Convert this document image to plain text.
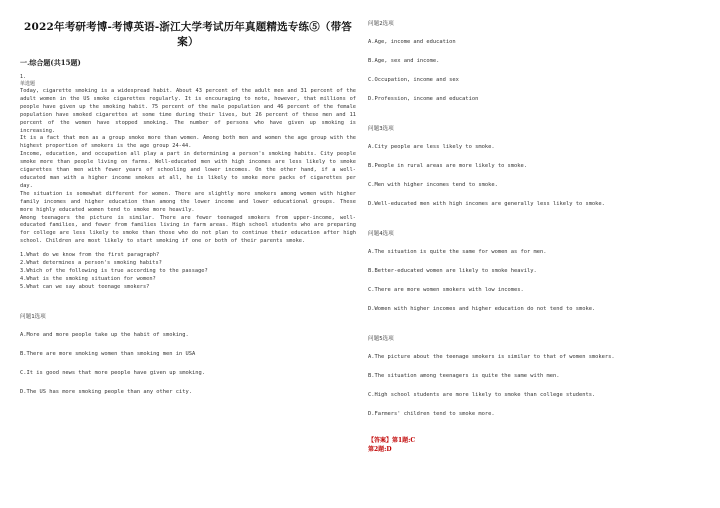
2022年考研考博-考博英语-浙江大学考试历年真题精选专练⑤（带答案）
一.综合题(共15题)

1.

单选题

Today, cigarette smoking is a widespread habit. About 43 percent of the adult men and 31 percent of the adult women in the US smoke cigarettes regularly. It is encouraging to note, however, that millions of people have given up the smoking habit. 75 percent of the male population and 46 percent of the female population have smoked cigarettes at some time during their lives, but 26 percent of these men and 11 percent of the women have stopped smoking. The number of persons who have given up smoking is increasing.

It is a fact that men as a group smoke more than women. Among both men and women the age group with the highest proportion of smokers is the age group 24-44.

Income, education, and occupation all play a part in determining a person's smoking habits. City people smoke more than people living on farms. Well-educated men with high incomes are less likely to smoke cigarettes than men with fewer years of schooling and lower incomes. On the other hand, if a well-educated man with a higher income smokes at all, he is likely to smoke more packs of cigarettes per day.

The situation is somewhat different for women. There are slightly more smokers among women with higher family incomes and higher education than among the lower income and lower educational groups. These more highly educated women tend to smoke more heavily.

Among teenagers the picture is similar. There are fewer teenaged smokers from upper-income, well-educated families, and fewer from families living in farm areas. High school students who are preparing for college are less likely to smoke than those who do not plan to continue their education after high school. Children are most likely to start smoking if one or both of their parents smoke.

1.What do we know from the first paragraph?

2.What determines a person's smoking habits?

3.Which of the following is true according to the passage?

4.What is the smoking situation for women?

5.What can we say about teenage smokers?

问题1选项
A.More and more people take up the habit of smoking.
B.There are more smoking women than smoking men in USA
C.It is good news that more people have given up smoking.
D.The US has more smoking people than any other city.
问题2选项
A.Age, income and education
B.Age, sex and income.
C.Occupation, income and sex
D.Profession, income and education
问题3选项
A.City people are less likely to smoke.
B.People in rural areas are more likely to smoke.
C.Men with higher incomes tend to smoke.
D.Well-educated men with high incomes are generally less likely to smoke.
问题4选项
A.The situation is quite the same for women as for men.
B.Better-educated women are likely to smoke heavily.
C.There are more women smokers with low incomes.
D.Women with higher incomes and higher education do not tend to smoke.
问题5选项
A.The picture about the teenage smokers is similar to that of women smokers.
B.The situation among teenagers is quite the same with men.
C.High school students are more likely to smoke than college students.
D.Farmers' children tend to smoke more.
【答案】第1题:C
第2题:D
